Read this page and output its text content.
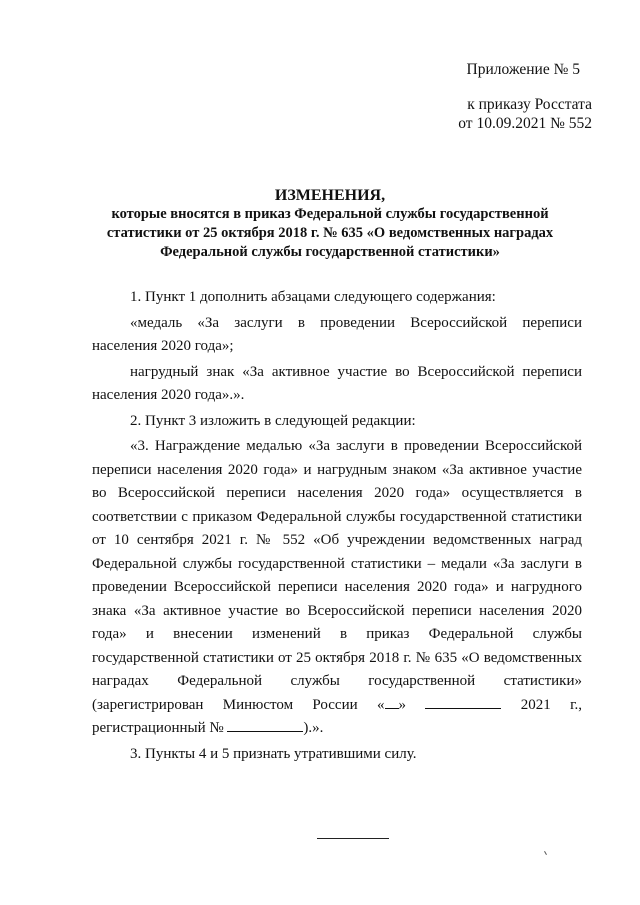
Приложение № 5
к приказу Росстата
от 10.09.2021 № 552
ИЗМЕНЕНИЯ,
которые вносятся в приказ Федеральной службы государственной
статистики от 25 октября 2018 г. № 635 «О ведомственных наградах
Федеральной службы государственной статистики»

1. Пункт 1 дополнить абзацами следующего содержания:

«медаль «За заслуги в проведении Всероссийской переписи населения 2020 года»;

нагрудный знак «За активное участие во Всероссийской переписи населения 2020 года».».

2. Пункт 3 изложить в следующей редакции:

«3. Награждение медалью «За заслуги в проведении Всероссийской переписи населения 2020 года» и нагрудным знаком «За активное участие во Всероссийской переписи населения 2020 года» осуществляется в соответствии с приказом Федеральной службы государственной статистики от 10 сентября 2021 г. № 552 «Об учреждении ведомственных наград Федеральной службы государственной статистики – медали «За заслуги в проведении Всероссийской переписи населения 2020 года» и нагрудного знака «За активное участие во Всероссийской переписи населения 2020 года» и внесении изменений в приказ Федеральной службы государственной статистики от 25 октября 2018 г. № 635 «О ведомственных наградах Федеральной службы государственной статистики» (зарегистрирован Минюстом России « »	2021 г., регистрационный №	).».

3. Пункты 4 и 5 признать утратившими силу.
